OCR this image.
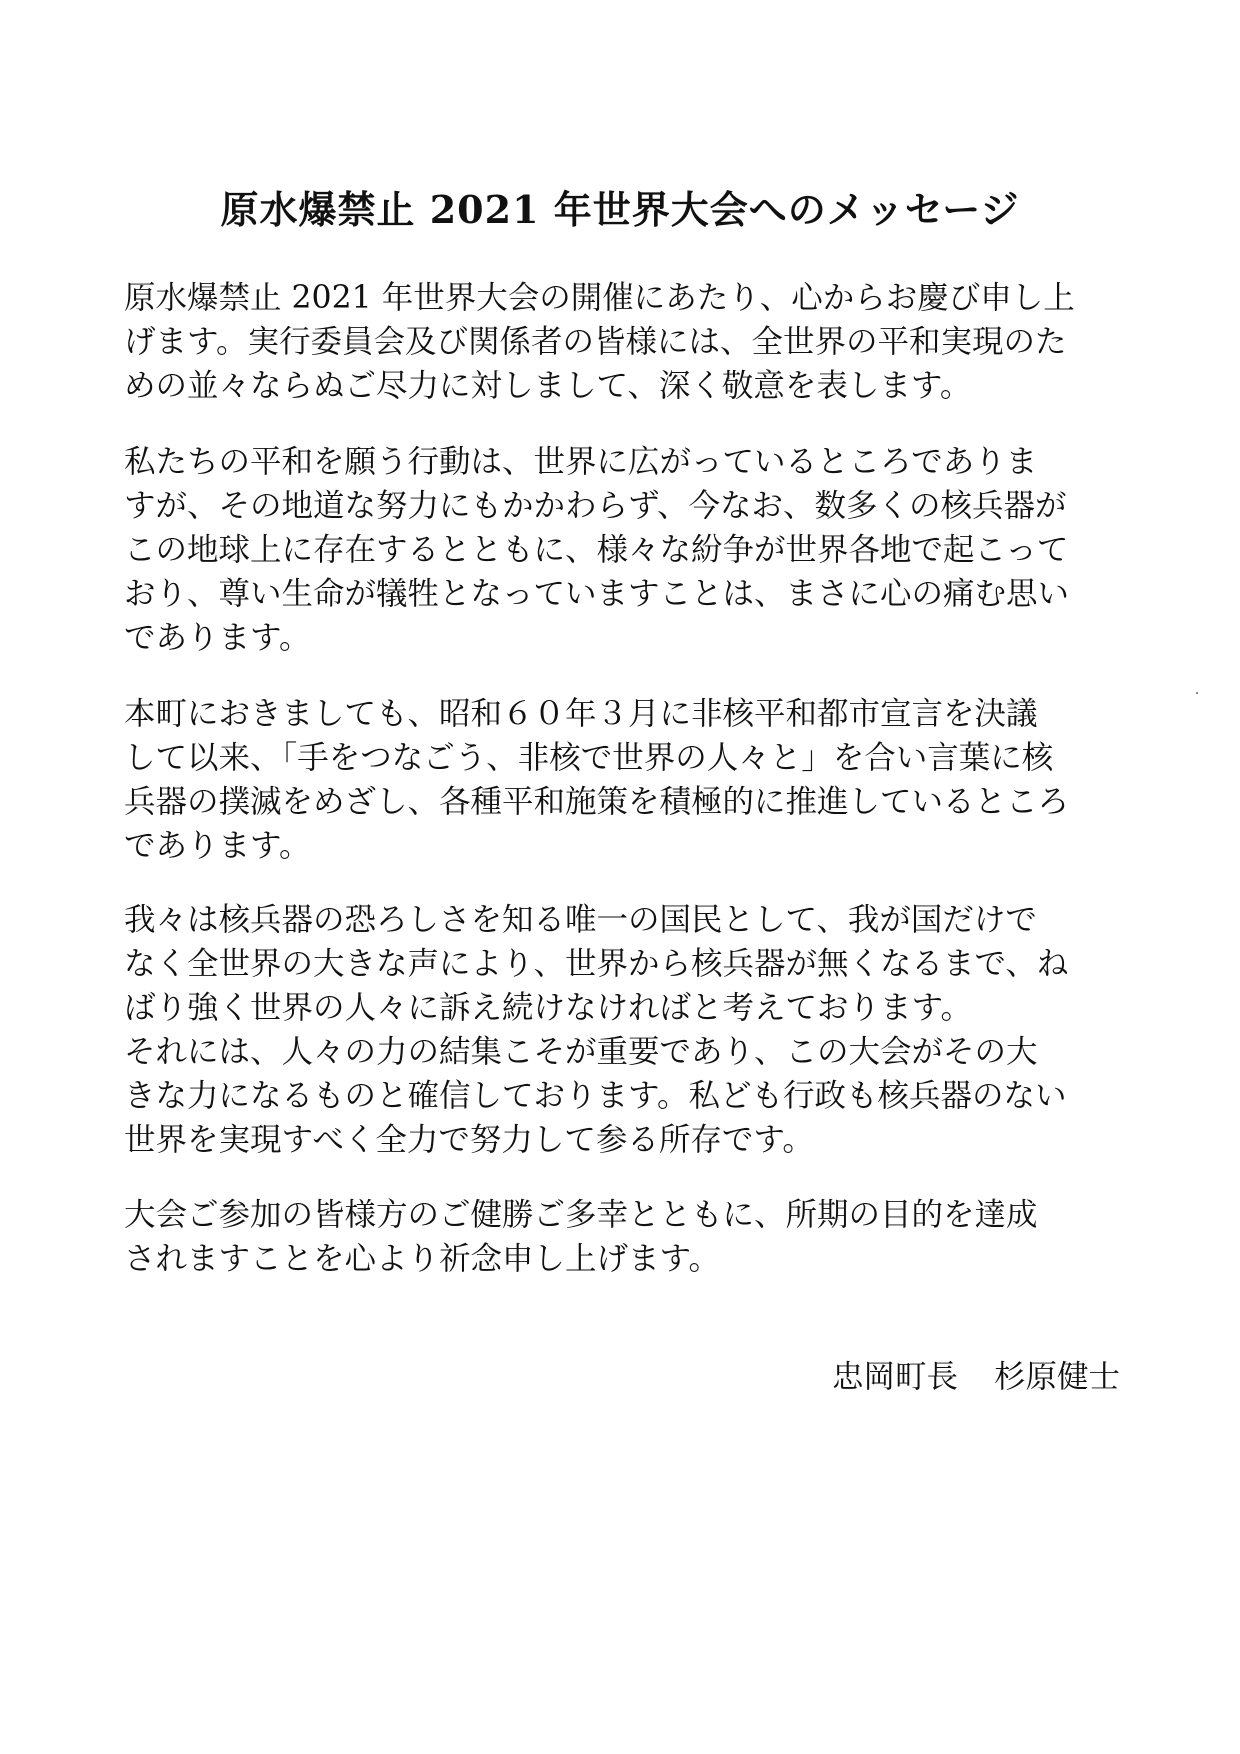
原水爆禁止 2021 年世界大会へのメッセージ
原水爆禁止 2021 年世界大会の開催にあたり、心からお慶び申し上
げます。実行委員会及び関係者の皆様には、全世界の平和実現のた
めの並々ならぬご尽力に対しまして、深く敬意を表します。
私たちの平和を願う行動は、世界に広がっているところでありま
すが、その地道な努力にもかかわらず、今なお、数多くの核兵器が
この地球上に存在するとともに、様々な紛争が世界各地で起こって
おり、尊い生命が犠牲となっていますことは、まさに心の痛む思い
であります。
本町におきましても、昭和６０年３月に非核平和都市宣言を決議
して以来、「手をつなごう、非核で世界の人々と」を合い言葉に核
兵器の撲滅をめざし、各種平和施策を積極的に推進しているところ
であります。
我々は核兵器の恐ろしさを知る唯一の国民として、我が国だけで
なく全世界の大きな声により、世界から核兵器が無くなるまで、ね
ばり強く世界の人々に訴え続けなければと考えております。
それには、人々の力の結集こそが重要であり、この大会がその大
きな力になるものと確信しております。私ども行政も核兵器のない
世界を実現すべく全力で努力して参る所存です。
大会ご参加の皆様方のご健勝ご多幸とともに、所期の目的を達成
されますことを心より祈念申し上げます。
忠岡町長 杉原健士
